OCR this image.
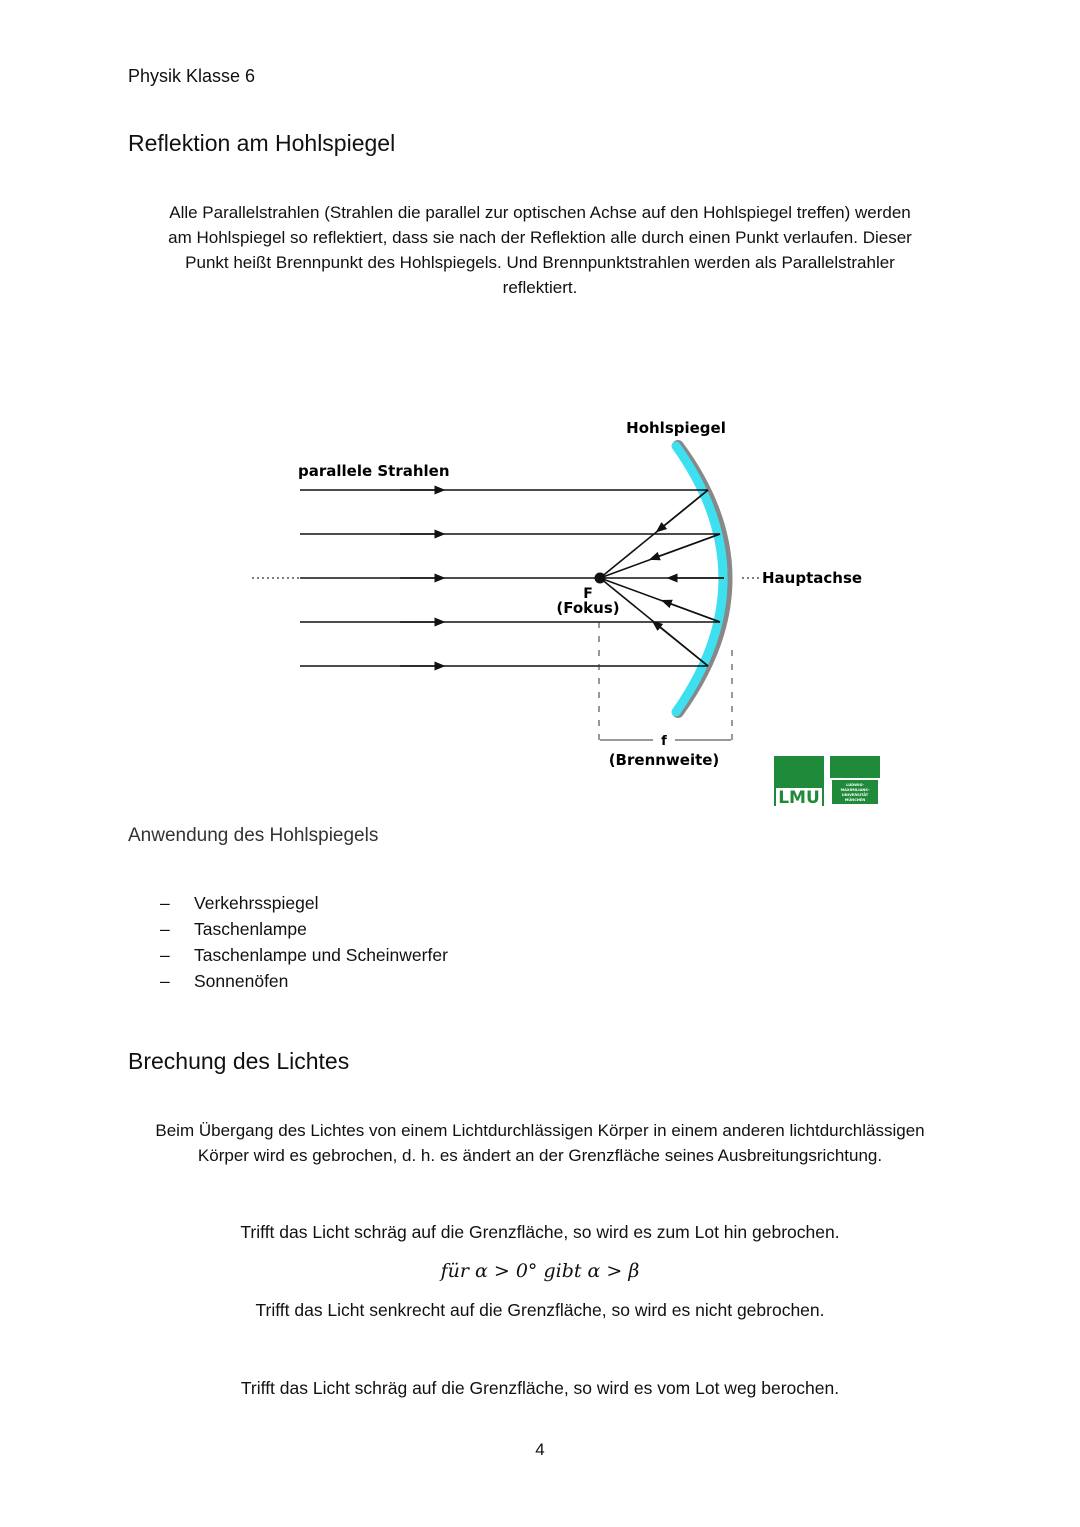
Physik Klasse 6
Reflektion am Hohlspiegel
Alle Parallelstrahlen (Strahlen die parallel zur optischen Achse auf den Hohlspiegel treffen) werden
am Hohlspiegel so reflektiert, dass sie nach der Reflektion alle durch einen Punkt verlaufen. Dieser
Punkt heißt Brennpunkt des Hohlspiegels. Und Brennpunktstrahlen werden als Parallelstrahler
reflektiert.
Hohlspiegel
parallele Strahlen
Hauptachse
F
(Fokus)
f
(Brennweite)
LMU
LUDWIG-
MAXIMILIANS-
UNIVERSITÄT
MÜNCHEN
Anwendung des Hohlspiegels
–	Verkehrsspiegel
–	Taschenlampe
–	Taschenlampe und Scheinwerfer
–	Sonnenöfen
Brechung des Lichtes
Beim Übergang des Lichtes von einem Lichtdurchlässigen Körper in einem anderen lichtdurchlässigen
Körper wird es gebrochen, d. h. es ändert an der Grenzfläche seines Ausbreitungsrichtung.
Trifft das Licht schräg auf die Grenzfläche, so wird es zum Lot hin gebrochen.
für α > 0° gibt α > β
Trifft das Licht senkrecht auf die Grenzfläche, so wird es nicht gebrochen.
Trifft das Licht schräg auf die Grenzfläche, so wird es vom Lot weg berochen.
4
